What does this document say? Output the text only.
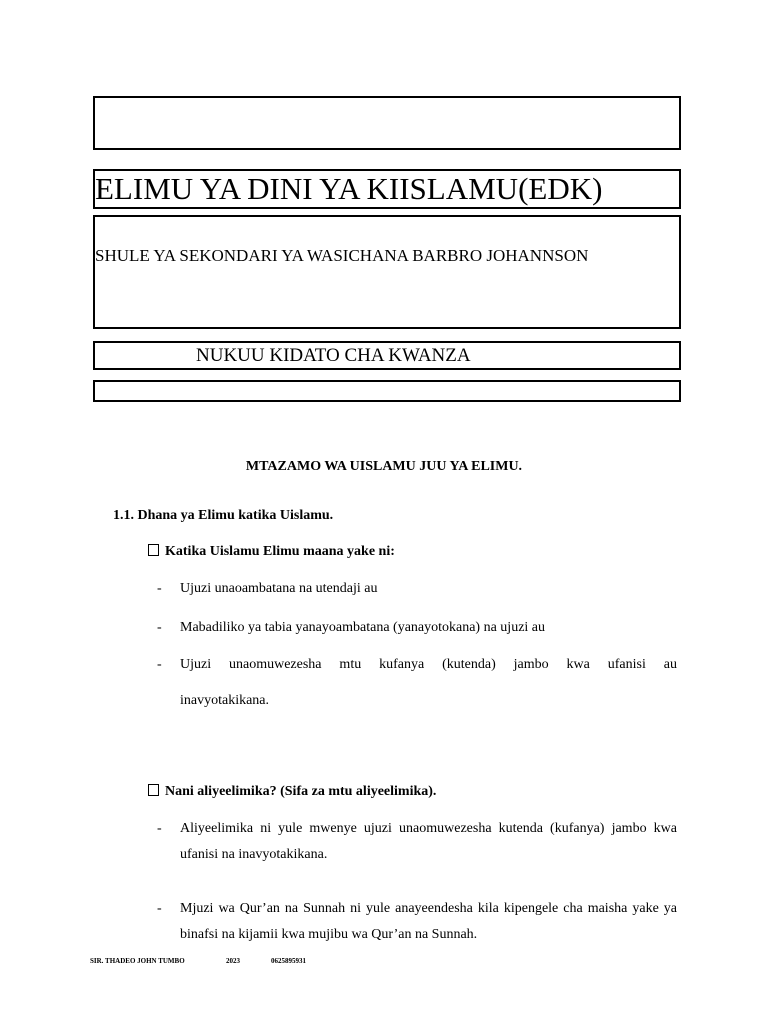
ELIMU YA DINI YA KIISLAMU(EDK)
SHULE YA SEKONDARI YA WASICHANA BARBRO JOHANNSON
NUKUU KIDATO CHA KWANZA
MTAZAMO WA UISLAMU JUU YA ELIMU.
1.1. Dhana ya Elimu katika Uislamu.
Katika Uislamu Elimu maana yake ni:
- Ujuzi unaoambatana na utendaji au
- Mabadiliko ya tabia yanayoambatana (yanayotokana) na ujuzi au
- Ujuzi unaomuwezesha mtu kufanya (kutenda) jambo kwa ufanisi au
inavyotakikana.
Nani aliyeelimika? (Sifa za mtu aliyeelimika).
- Aliyeelimika ni yule mwenye ujuzi unaomuwezesha kutenda (kufanya) jambo kwa ufanisi na inavyotakikana.
- Mjuzi wa Qur’an na Sunnah ni yule anayeendesha kila kipengele cha maisha yake ya binafsi na kijamii kwa mujibu wa Qur’an na Sunnah.
SIR. THADEO JOHN TUMBO	2023	0625895931
